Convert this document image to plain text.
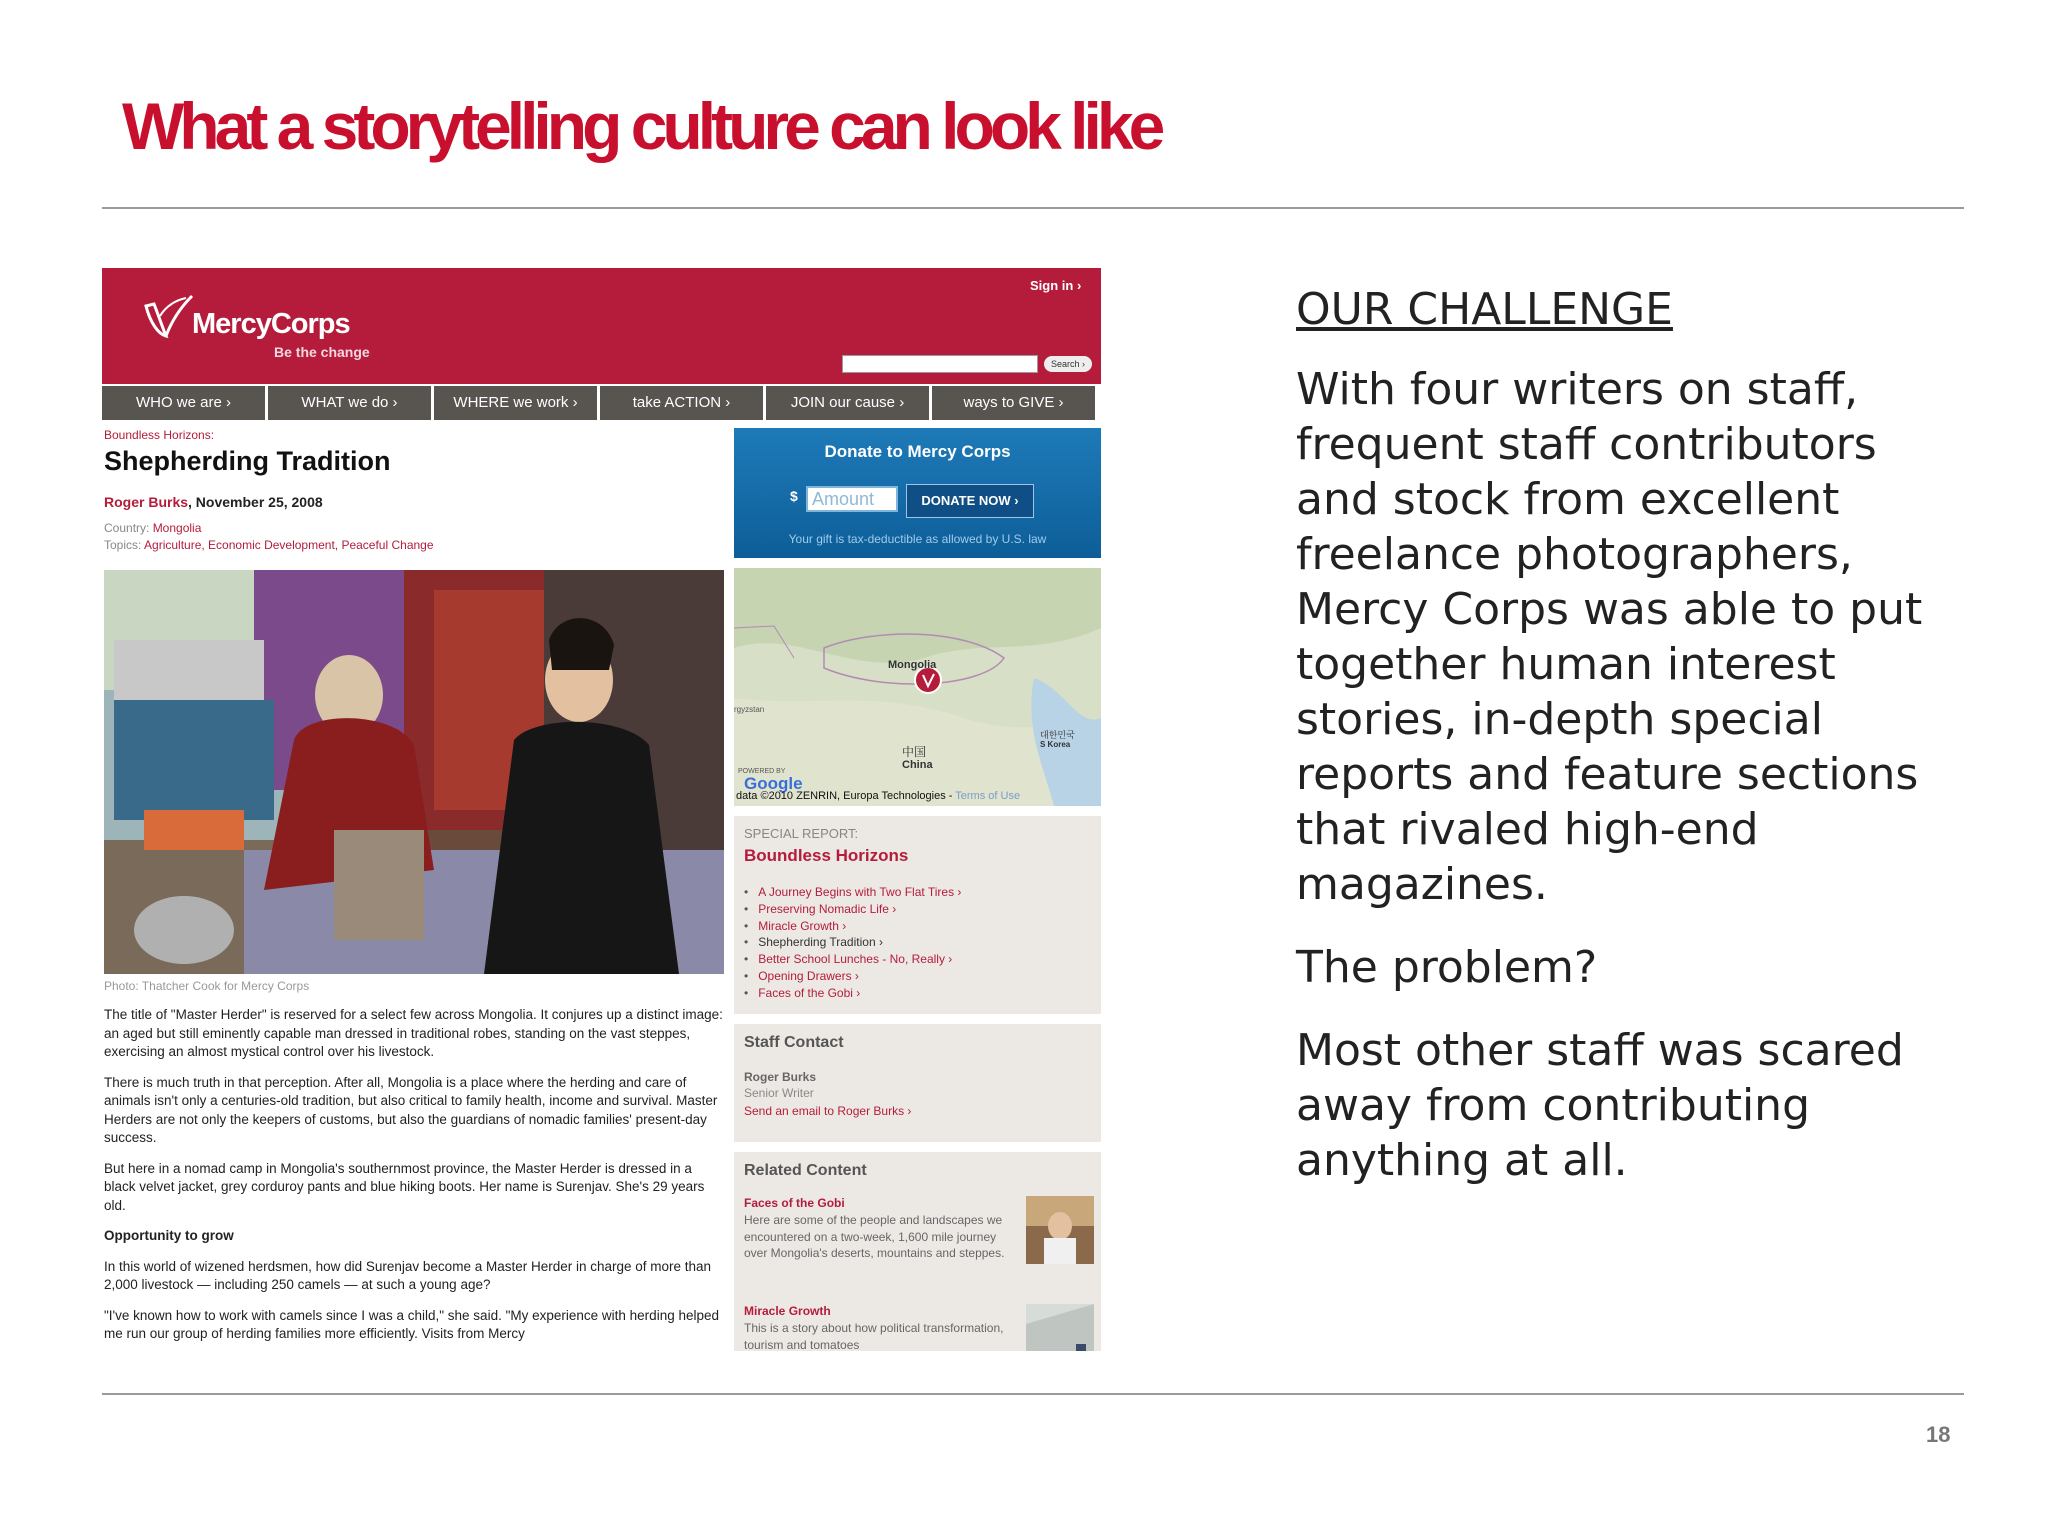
What a storytelling culture can look like
MercyCorps
Be the change
Sign in ›
Search ›
WHO we are ›	WHAT we do ›	WHERE we work ›	take ACTION ›	JOIN our cause ›	ways to GIVE ›
Boundless Horizons:
Shepherding Tradition
Roger Burks, November 25, 2008
Country: Mongolia
Topics: Agriculture, Economic Development, Peaceful Change
Photo: Thatcher Cook for Mercy Corps

The title of "Master Herder" is reserved for a select few across Mongolia. It conjures up a distinct image: an aged but still eminently capable man dressed in traditional robes, standing on the vast steppes, exercising an almost mystical control over his livestock.

There is much truth in that perception. After all, Mongolia is a place where the herding and care of animals isn't only a centuries-old tradition, but also critical to family health, income and survival. Master Herders are not only the keepers of customs, but also the guardians of nomadic families' present-day success.

But here in a nomad camp in Mongolia's southernmost province, the Master Herder is dressed in a black velvet jacket, grey corduroy pants and blue hiking boots. Her name is Surenjav. She's 29 years old.

Opportunity to grow

In this world of wizened herdsmen, how did Surenjav become a Master Herder in charge of more than 2,000 livestock — including 250 camels — at such a young age?

"I've known how to work with camels since I was a child," she said. "My experience with herding helped me run our group of herding families more efficiently. Visits from Mercy

Donate to Mercy Corps
$ Amount	DONATE NOW ›
Your gift is tax-deductible as allowed by U.S. law
Mongolia
中国
China
대한민국
S Korea
rgyzstan
POWERED BY
Google
data ©2010 ZENRIN, Europa Technologies - Terms of Use
SPECIAL REPORT:
Boundless Horizons
• A Journey Begins with Two Flat Tires ›
• Preserving Nomadic Life ›
• Miracle Growth ›
• Shepherding Tradition ›
• Better School Lunches - No, Really ›
• Opening Drawers ›
• Faces of the Gobi ›
Staff Contact
Roger Burks
Senior Writer
Send an email to Roger Burks ›
Related Content
Faces of the Gobi
Here are some of the people and landscapes we encountered on a two-week, 1,600 mile journey over Mongolia's deserts, mountains and steppes.
Miracle Growth
This is a story about how political transformation, tourism and tomatoes
OUR CHALLENGE

With four writers on staff, frequent staff contributors and stock from excellent freelance photographers, Mercy Corps was able to put together human interest stories, in-depth special reports and feature sections that rivaled high-end magazines.

The problem?

Most other staff was scared away from contributing anything at all.

18
